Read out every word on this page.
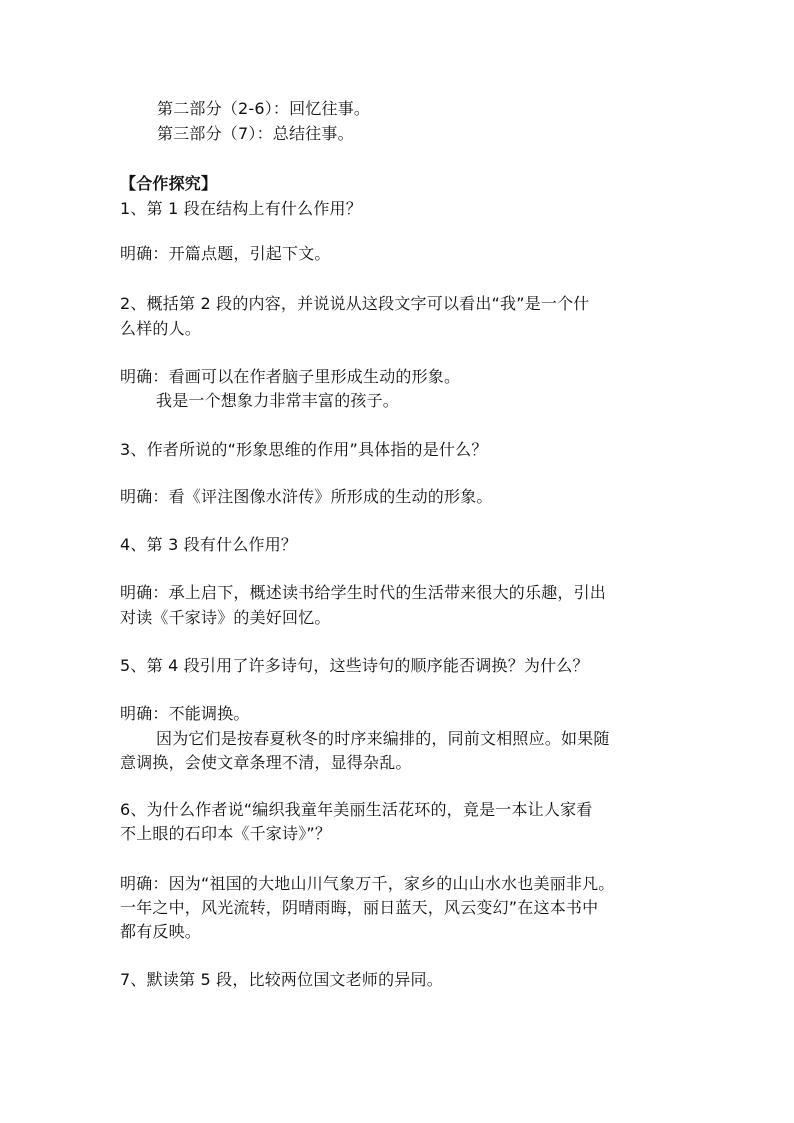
第二部分（2-6）：回忆往事。
第三部分（7）：总结往事。
【合作探究】
1、第 1 段在结构上有什么作用？
明确：开篇点题，引起下文。
2、概括第 2 段的内容，并说说从这段文字可以看出“我”是一个什
么样的人。
明确：看画可以在作者脑子里形成生动的形象。
我是一个想象力非常丰富的孩子。
3、作者所说的“形象思维的作用”具体指的是什么？
明确：看《评注图像水浒传》所形成的生动的形象。
4、第 3 段有什么作用？
明确：承上启下，概述读书给学生时代的生活带来很大的乐趣，引出
对读《千家诗》的美好回忆。
5、第 4 段引用了许多诗句，这些诗句的顺序能否调换？为什么？
明确：不能调换。
因为它们是按春夏秋冬的时序来编排的，同前文相照应。如果随
意调换，会使文章条理不清，显得杂乱。
6、为什么作者说“编织我童年美丽生活花环的，竟是一本让人家看
不上眼的石印本《千家诗》”？
明确：因为“祖国的大地山川气象万千，家乡的山山水水也美丽非凡。
一年之中，风光流转，阴晴雨晦，丽日蓝天，风云变幻”在这本书中
都有反映。
7、默读第 5 段，比较两位国文老师的异同。
